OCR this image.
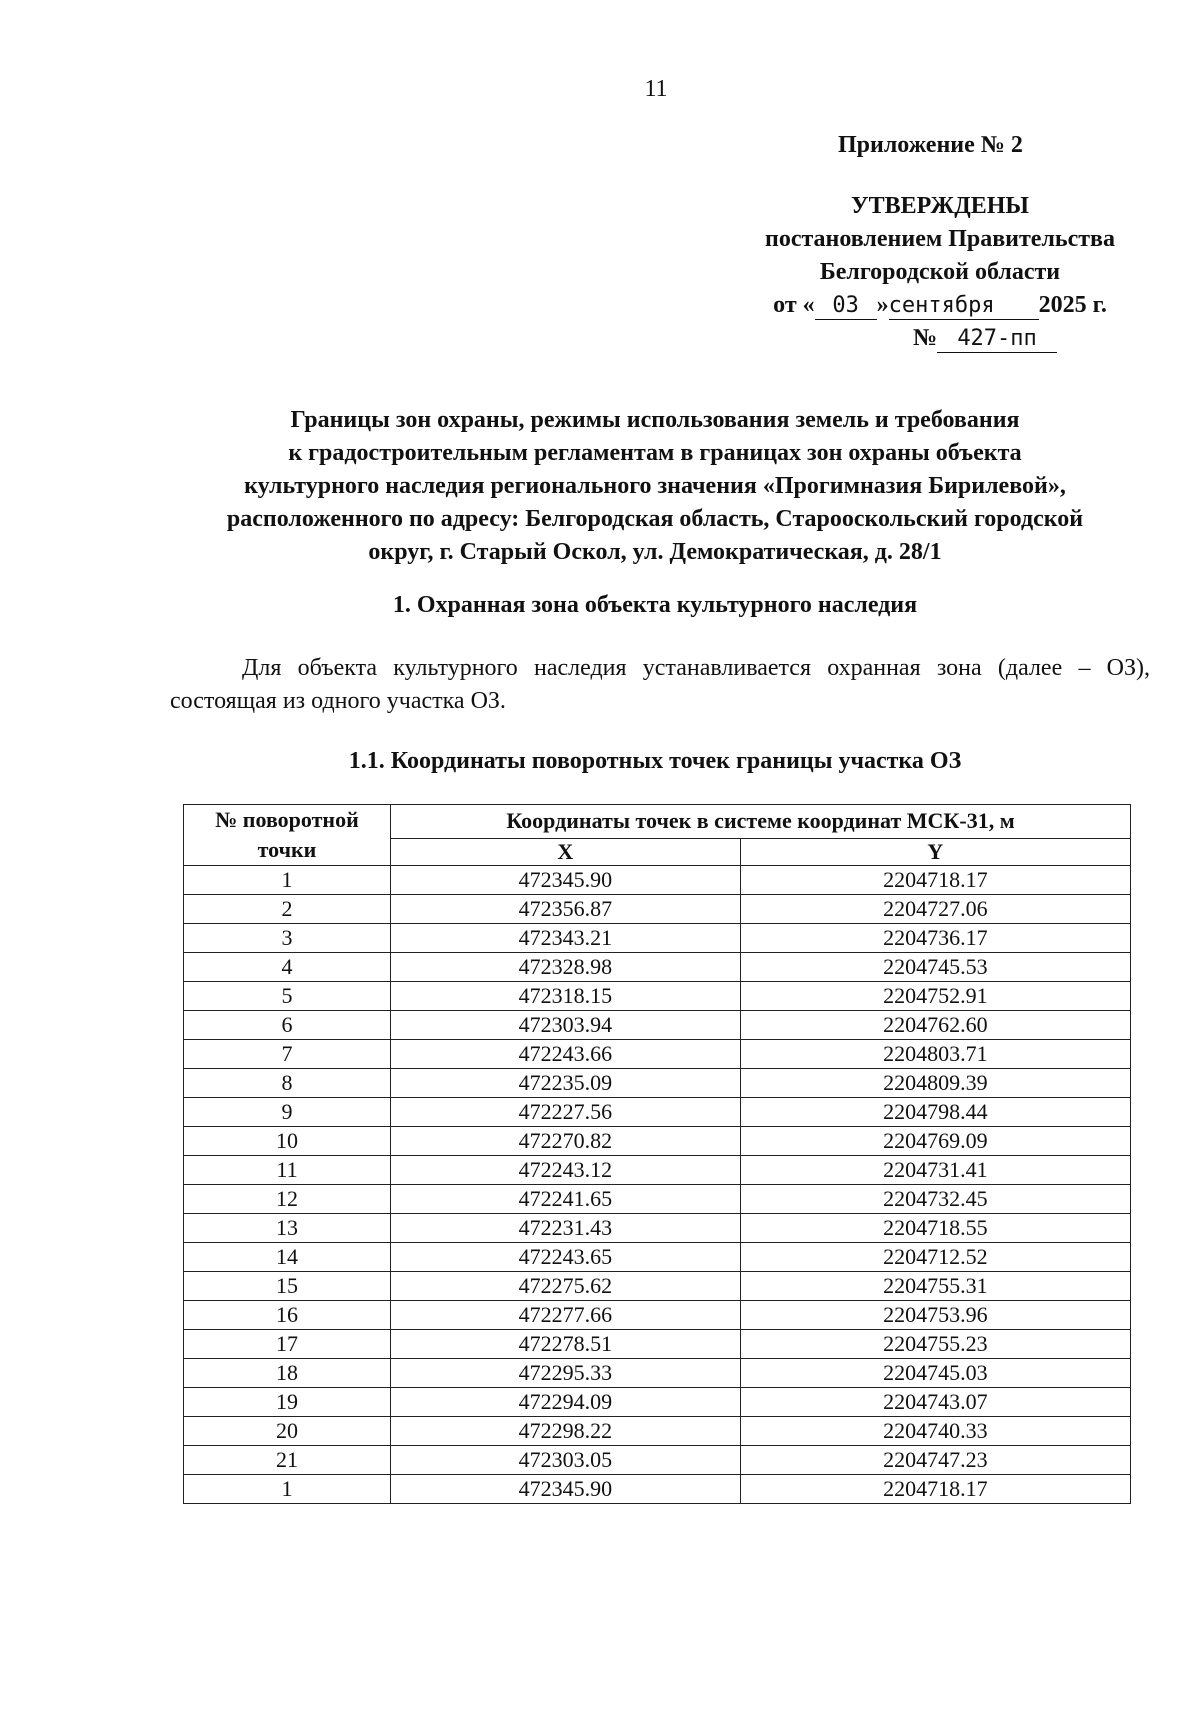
11
Приложение № 2
УТВЕРЖДЕНЫ
постановлением Правительства
Белгородской области
от « 03 »сентября 2025 г.
№ 427-пп
Границы зон охраны, режимы использования земель и требования
к градостроительным регламентам в границах зон охраны объекта
культурного наследия регионального значения «Прогимназия Бирилевой»,
расположенного по адресу: Белгородская область, Старооскольский городской
округ, г. Старый Оскол, ул. Демократическая, д. 28/1
1. Охранная зона объекта культурного наследия
Для объекта культурного наследия устанавливается охранная зона (далее – ОЗ), состоящая из одного участка ОЗ.
1.1. Координаты поворотных точек границы участка ОЗ
№ поворотной точки	Координаты точек в системе координат МСК-31, м	
	X	Y
1	472345.90	2204718.17
2	472356.87	2204727.06
3	472343.21	2204736.17
4	472328.98	2204745.53
5	472318.15	2204752.91
6	472303.94	2204762.60
7	472243.66	2204803.71
8	472235.09	2204809.39
9	472227.56	2204798.44
10	472270.82	2204769.09
11	472243.12	2204731.41
12	472241.65	2204732.45
13	472231.43	2204718.55
14	472243.65	2204712.52
15	472275.62	2204755.31
16	472277.66	2204753.96
17	472278.51	2204755.23
18	472295.33	2204745.03
19	472294.09	2204743.07
20	472298.22	2204740.33
21	472303.05	2204747.23
1	472345.90	2204718.17
